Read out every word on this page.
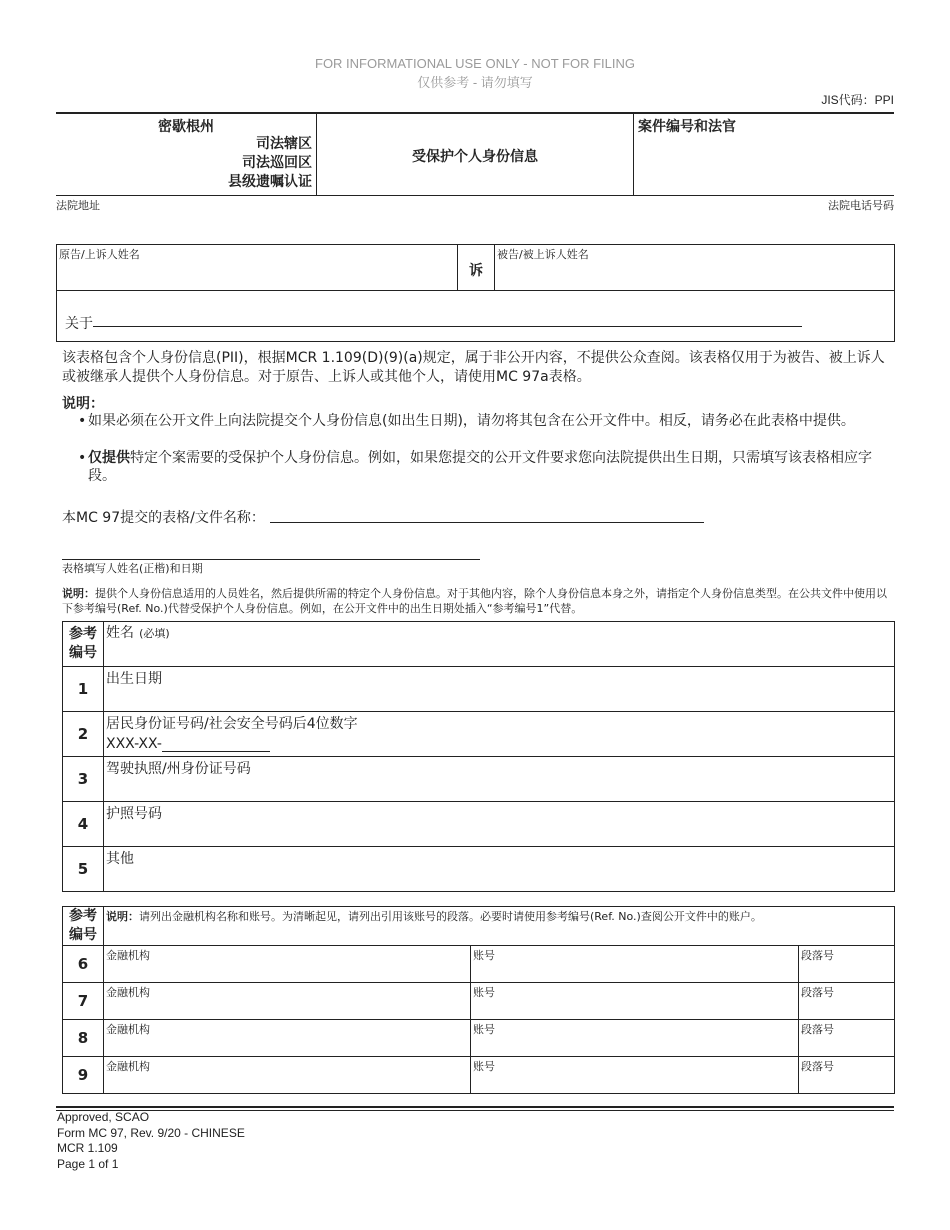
FOR INFORMATIONAL USE ONLY - NOT FOR FILING
仅供参考 - 请勿填写
JIS代码：PPI
密歇根州
司法辖区
司法巡回区
县级遗嘱认证
受保护个人身份信息
案件编号和法官
法院地址	法院电话号码
原告/上诉人姓名
诉
被告/被上诉人姓名
关于
该表格包含个人身份信息(PII)，根据MCR 1.109(D)(9)(a)规定，属于非公开内容，不提供公众查阅。该表格仅用于为被告、被上诉人或被继承人提供个人身份信息。对于原告、上诉人或其他个人，请使用MC 97a表格。
说明：
• 如果必须在公开文件上向法院提交个人身份信息(如出生日期)，请勿将其包含在公开文件中。相反，请务必在此表格中提供。
• 仅提供特定个案需要的受保护个人身份信息。例如，如果您提交的公开文件要求您向法院提供出生日期，只需填写该表格相应字段。
本MC 97提交的表格/文件名称：
表格填写人姓名(正楷)和日期
说明：提供个人身份信息适用的人员姓名，然后提供所需的特定个人身份信息。对于其他内容，除个人身份信息本身之外，请指定个人身份信息类型。在公共文件中使用以下参考编号(Ref. No.)代替受保护个人身份信息。例如，在公开文件中的出生日期处插入“参考编号1”代替。
参考
编号	姓名 (必填)
1	出生日期

2	居民身份证号码/社会安全号码后4位数字
XXX-XX-

3	驾驶执照/州身份证号码

4	护照号码

5	其他
参考
编号	说明：请列出金融机构名称和账号。为清晰起见，请列出引用该账号的段落。必要时请使用参考编号(Ref. No.)查阅公开文件中的账户。		

6	金融机构	账号	段落号

7	金融机构	账号	段落号

8	金融机构	账号	段落号

9	金融机构	账号	段落号
Approved, SCAO
Form MC 97, Rev. 9/20 - CHINESE
MCR 1.109
Page 1 of 1
